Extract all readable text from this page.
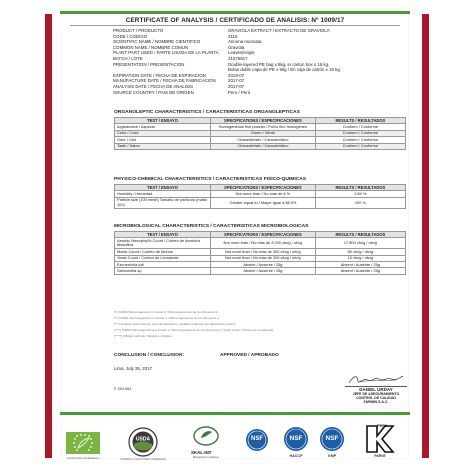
CERTIFICATE OF ANALYSIS / CERTIFICADO DE ANALISIS: Nº 1009/17
PRODUCT / PRODUCTO	GRAVIOLA EXTRACT / EXTRACTO DE GRAVIOLA
CODE / CODIGO	2115
SCIENTIFIC NAME / NOMBRE CIENTIFICO	Annona muricata
COMMON NAME / NOMBRE COMUN	Graviola
PLANT PART USED / PARTE USADA DE LA PLANTA Leaves/Hojas
BATCH / LOTE	21076817
PRESENTATION / PRESENTACION	Double-layered PE bag x 5kg, in carton box x 15 kg.
Bolsa doble capa de PE x 5kg / En caja de cartón x 15 kg.
EXPIRATION DATE / FECHA DE EXPIRACION	2019-07
MANUFACTURE DATE / FECHA DE FABRICACION	2017-07
ANALYSIS DATE / FECHA DE ANALISIS	2017-07
SOURCE COUNTRY / PAIS DE ORIGEN	Peru / Perú
ORGANOLEPTIC CHARACTERISTICS / CARACTERISTICAS ORGANOLEPTICAS
TEST / ENSAYO	SPECIFICATIONS / ESPECIFICACIONES	RESULTS / RESULTADOS
Appearance / Aspecto	Homogeneous fine powder / Polvo fino homogéneo	Conform / Conforme
Color / Color	Green / Verde	Conform / Conforme
Odor / Olor	Characteristic / Característico	Conform / Conforme
Taste / Sabor	Characteristic / Característico	Conform / Conforme
PHYSICO-CHEMICAL CHARACTERISTICS / CARACTERISTICAS FISICO-QUIMICAS
TEST / ENSAYO	SPECIFICATIONS / ESPECIFICACIONES	RESULTS / RESULTADOS
Humidity / Humedad	Not more than / No más de 8 %	3.84 %
Particle size (100 mesh) Tamaño de partícula (malla 100)	Greater equal to / Mayor igual a 98.5%	100 %
MICROBIOLOGICAL CHARACTERISTICS / CARACTERISTICAS MICROBIOLOGICAS
TEST / ENSAYO	SPECIFICATIONS / ESPECIFICACIONES	RESULTS / RESULTADOS
Aerobic Mesophyll's Count / Conteo de Aerobios Mesófilos	Not more than / No más de 3 000 cfu/g / ufc/g	17 800 cfu/g / ufc/g
Molds Count / Conteo de Mohos	Not more than / No más de 300 cfu/g / ufc/g	60 cfu/g / ufc/g
Yeast Count / Conteo de Levaduras	Not more than / No más de 300 cfu/g / ufc/g	10 cfu/g / ufc/g
Escherichia coli	Absent / Ausente / 25g	Absent / Ausente / 25g
Salmonella sp.	Absent / Ausente / 25g	Absent / Ausente / 25g
(*) ICMSF Microorganisms in Foods 2 / Microorganismos de los Alimentos 2
(**) ICMSF Microorganisms in Foods 1 / Microorganismos de los Alimentos 1
(***) Analysis performed by external laboratory / Análisis realizado por laboratorio externo
(****) ICMSF Microorganisms in Foods 1 / Microorganismos de los Alimentos 1 (Yeast Count / Conteo de Levaduras)
(*****) Official methods / Métodos oficiales
CONCLUSION / CONCLUSION:	APPROVED / APROBADO
Lima, July 25, 2017
F-CKI-061	DANIEL URDAY
JEFE DE ASEGURAMIENTO
CONTROL DE CALIDAD
FARMIN S.A.C.
Control Union Certifications
USDA
Certified by Control Union Certifications
SKAL-INT
Biologische Landbouw
NSF	NSF
HACCP
NSF
GMP
PERU
PARVE
